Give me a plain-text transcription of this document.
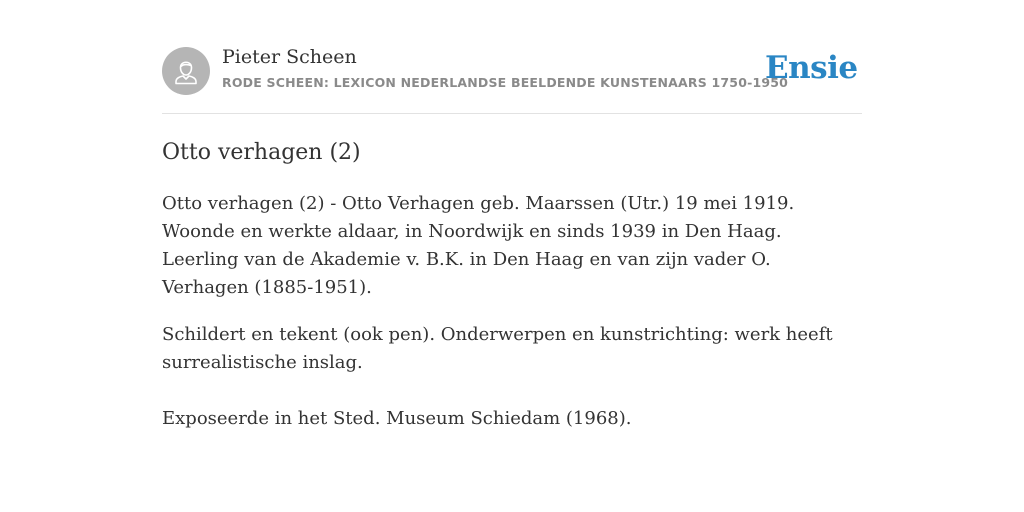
Pieter Scheen
RODE SCHEEN: LEXICON NEDERLANDSE BEELDENDE KUNSTENAARS 1750-1950
Ensie
Otto verhagen (2)

Otto verhagen (2) - Otto Verhagen geb. Maarssen (Utr.) 19 mei 1919. Woonde en werkte aldaar, in Noordwijk en sinds 1939 in Den Haag. Leerling van de Akademie v. B.K. in Den Haag en van zijn vader O. Verhagen (1885-1951).

Schildert en tekent (ook pen). Onderwerpen en kunstrichting: werk heeft surrealistische inslag.

Exposeerde in het Sted. Museum Schiedam (1968).
